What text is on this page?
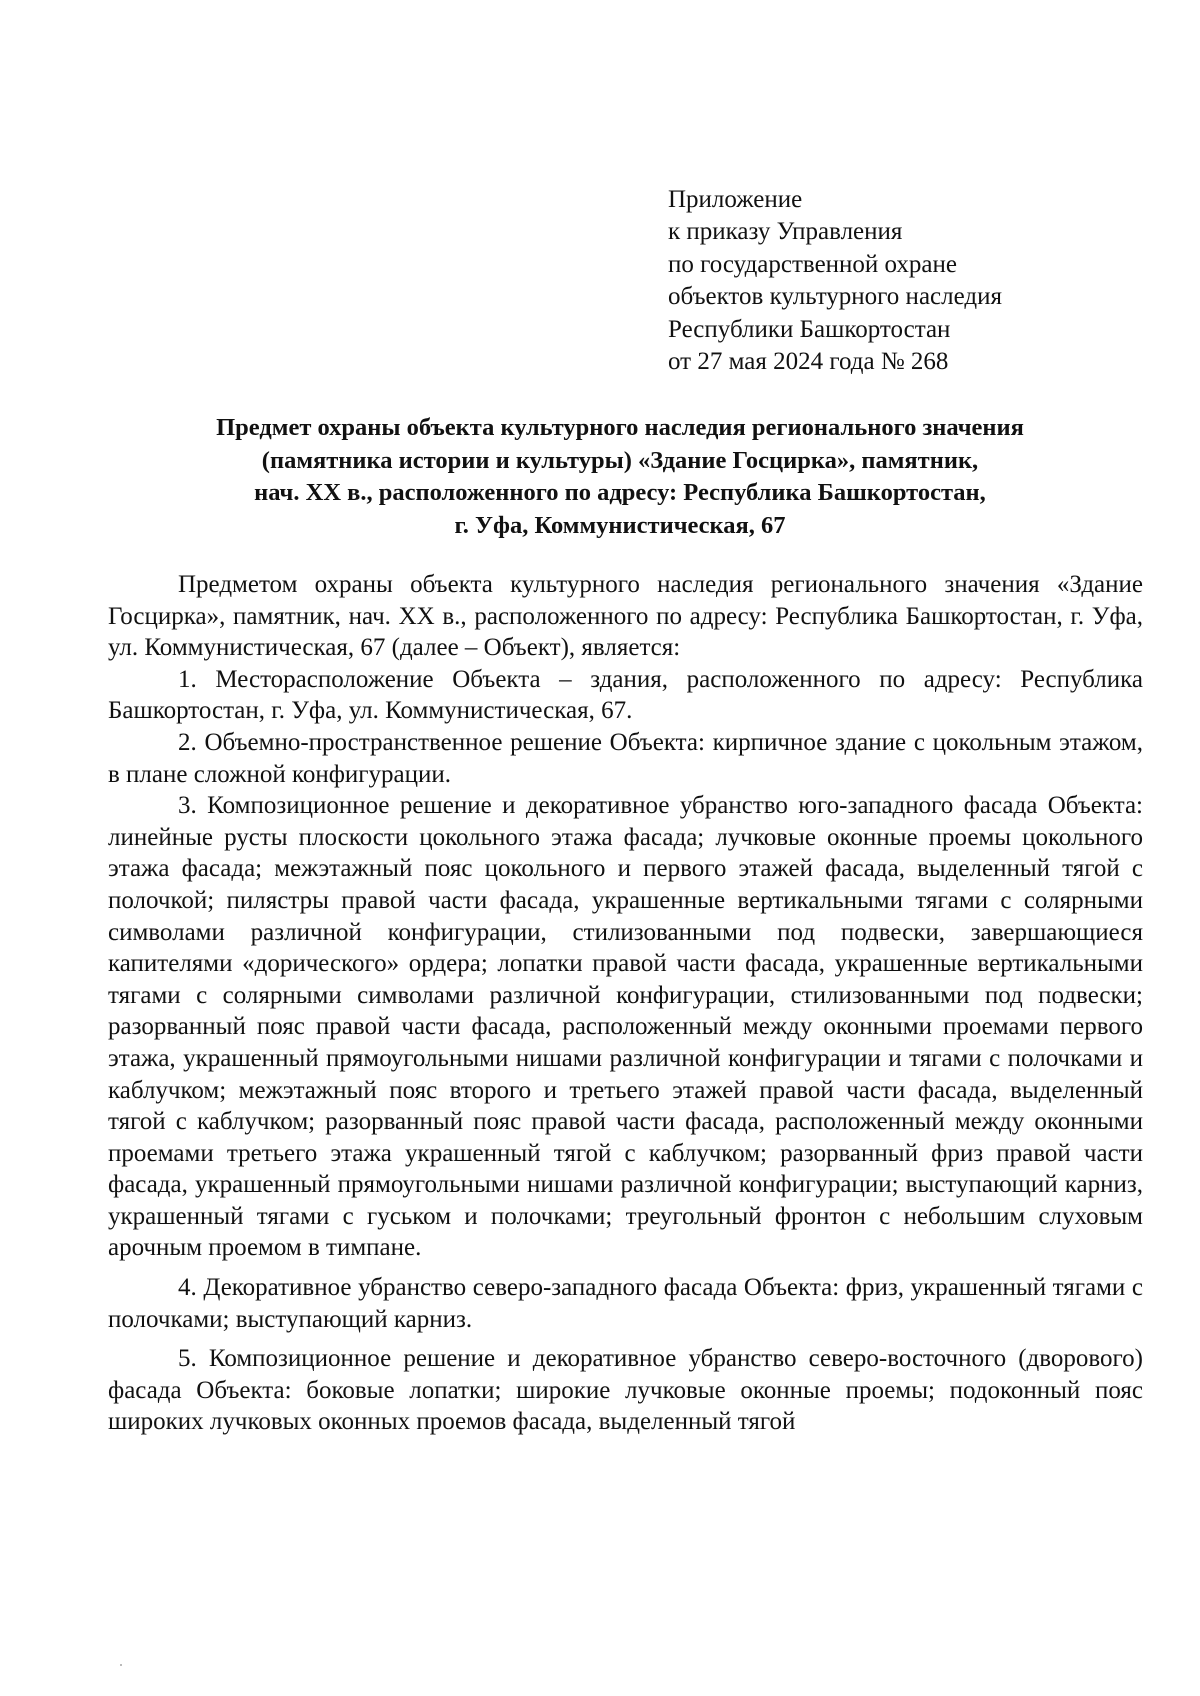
Приложение
к приказу Управления
по государственной охране
объектов культурного наследия
Республики Башкортостан
от 27 мая 2024 года № 268
Предмет охраны объекта культурного наследия регионального значения
(памятника истории и культуры) «Здание Госцирка», памятник,
нач. XX в., расположенного по адресу: Республика Башкортостан,
г. Уфа, Коммунистическая, 67

Предметом охраны объекта культурного наследия регионального значения «Здание Госцирка», памятник, нач. XX в., расположенного по адресу: Республика Башкортостан, г. Уфа, ул. Коммунистическая, 67 (далее – Объект), является:

1. Месторасположение Объекта – здания, расположенного по адресу: Республика Башкортостан, г. Уфа, ул. Коммунистическая, 67.

2. Объемно-пространственное решение Объекта: кирпичное здание с цокольным этажом, в плане сложной конфигурации.

3. Композиционное решение и декоративное убранство юго-западного фасада Объекта: линейные русты плоскости цокольного этажа фасада; лучковые оконные проемы цокольного этажа фасада; межэтажный пояс цокольного и первого этажей фасада, выделенный тягой с полочкой; пилястры правой части фасада, украшенные вертикальными тягами с солярными символами различной конфигурации, стилизованными под подвески, завершающиеся капителями «дорического» ордера; лопатки правой части фасада, украшенные вертикальными тягами с солярными символами различной конфигурации, стилизованными под подвески; разорванный пояс правой части фасада, расположенный между оконными проемами первого этажа, украшенный прямоугольными нишами различной конфигурации и тягами с полочками и каблучком; межэтажный пояс второго и третьего этажей правой части фасада, выделенный тягой с каблучком; разорванный пояс правой части фасада, расположенный между оконными проемами третьего этажа украшенный тягой с каблучком; разорванный фриз правой части фасада, украшенный прямоугольными нишами различной конфигурации; выступающий карниз, украшенный тягами с гуськом и полочками; треугольный фронтон с небольшим слуховым арочным проемом в тимпане.

4. Декоративное убранство северо-западного фасада Объекта: фриз, украшенный тягами с полочками; выступающий карниз.

5. Композиционное решение и декоративное убранство северо-восточного (дворового) фасада Объекта: боковые лопатки; широкие лучковые оконные проемы; подоконный пояс широких лучковых оконных проемов фасада, выделенный тягой
